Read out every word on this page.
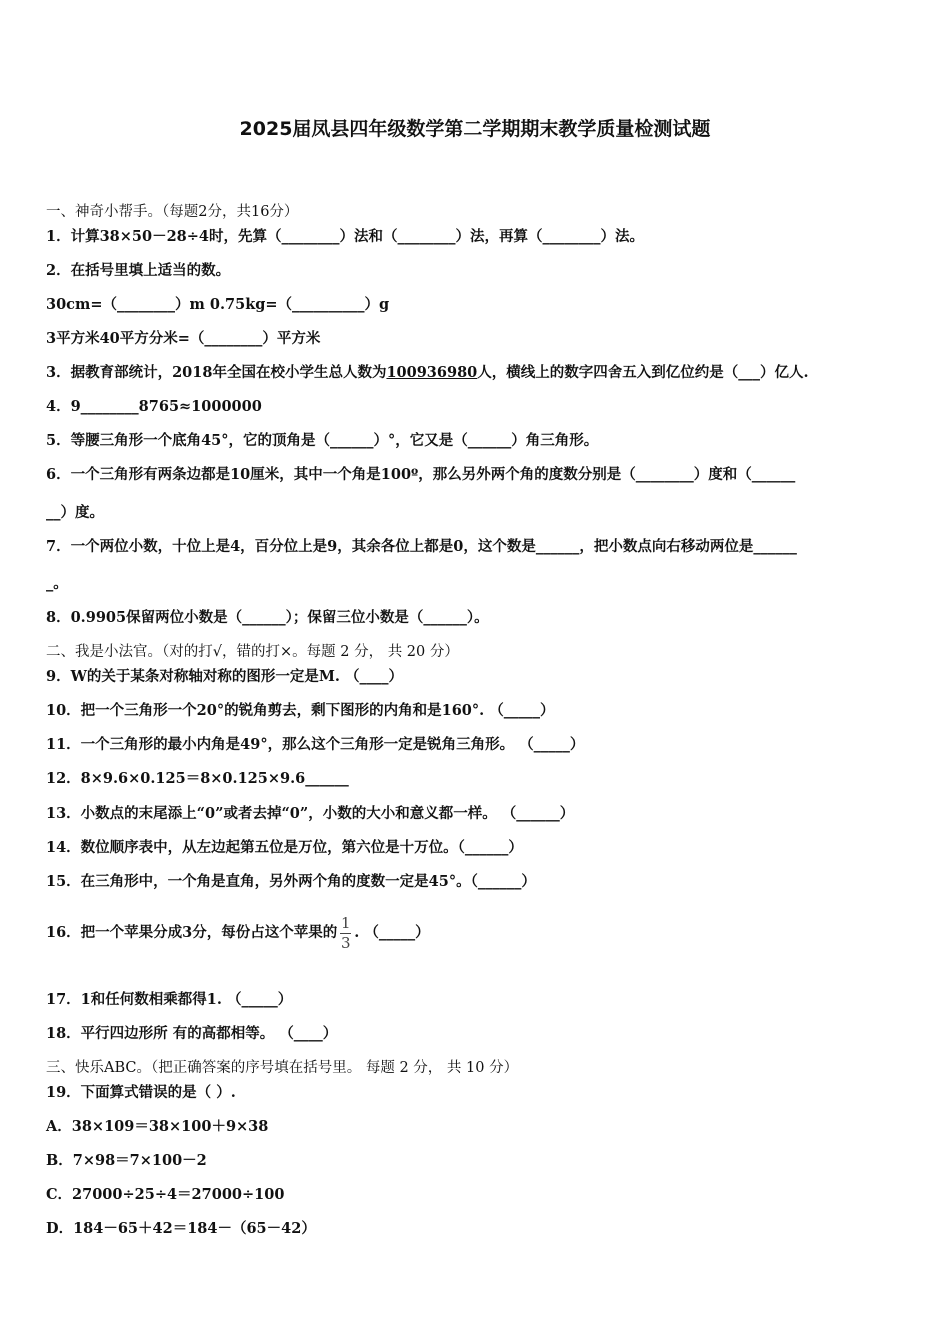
2025届凤县四年级数学第二学期期末教学质量检测试题
一、神奇小帮手。（每题2分，共16分）
1．计算38×50－28÷4时，先算（________）法和（________）法，再算（________）法。
2．在括号里填上适当的数。
30cm=（________）m 0.75kg=（__________）g
3平方米40平方分米=（________）平方米
3．据教育部统计，2018年全国在校小学生总人数为100936980人，横线上的数字四舍五入到亿位约是（___）亿人.
4．9________8765≈1000000
5．等腰三角形一个底角45°，它的顶角是（______）°，它又是（______）角三角形。
6．一个三角形有两条边都是10厘米，其中一个角是100º，那么另外两个角的度数分别是（________）度和（______
__）度。
7．一个两位小数，十位上是4，百分位上是9，其余各位上都是0，这个数是______，把小数点向右移动两位是______
_。
8．0.9905保留两位小数是（______）；保留三位小数是（______）。
二、我是小法官。（对的打√，错的打×。每题 2 分， 共 20 分）
9．W的关于某条对称轴对称的图形一定是M. （____）
10．把一个三角形一个20°的锐角剪去，剩下图形的内角和是160°. （_____）
11．一个三角形的最小内角是49°，那么这个三角形一定是锐角三角形。 （_____）
12．8×9.6×0.125＝8×0.125×9.6______
13．小数点的末尾添上“0”或者去掉“0”，小数的大小和意义都一样。 （______）
14．数位顺序表中，从左边起第五位是万位，第六位是十万位。（______）
15．在三角形中，一个角是直角，另外两个角的度数一定是45°。（______）
16．把一个苹果分成3分，每份占这个苹果的 $\frac{1}{3}$ . （_____）
17．1和任何数相乘都得1. （_____）
18．平行四边形所 有的高都相等。 （____）
三、快乐ABC。（把正确答案的序号填在括号里。 每题 2 分， 共 10 分）
19．下面算式错误的是（ ）.
A．38×109＝38×100＋9×38
B．7×98＝7×100－2
C．27000÷25÷4＝27000÷100
D．184－65＋42＝184－（65－42）
